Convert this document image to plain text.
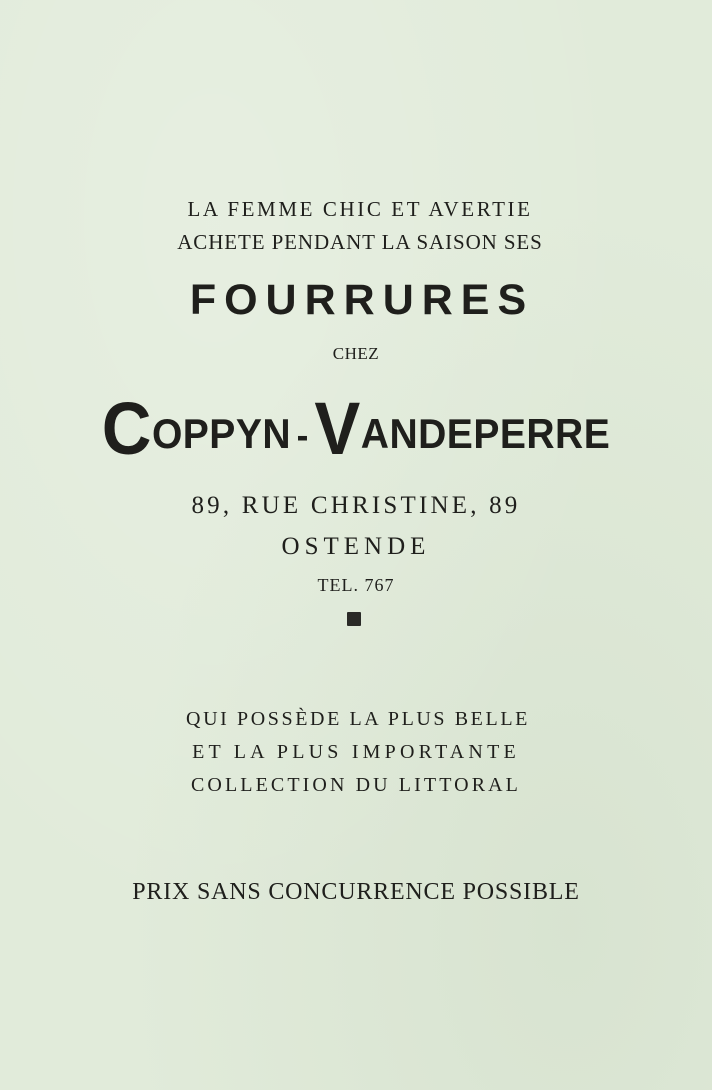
LA FEMME CHIC ET AVERTIE
ACHETE PENDANT LA SAISON SES
FOURRURES
CHEZ
COPPYN -VANDEPERRE
89, RUE CHRISTINE, 89
OSTENDE
TEL. 767
QUI POSSÈDE LA PLUS BELLE
ET LA PLUS IMPORTANTE
COLLECTION DU LITTORAL
PRIX SANS CONCURRENCE POSSIBLE
